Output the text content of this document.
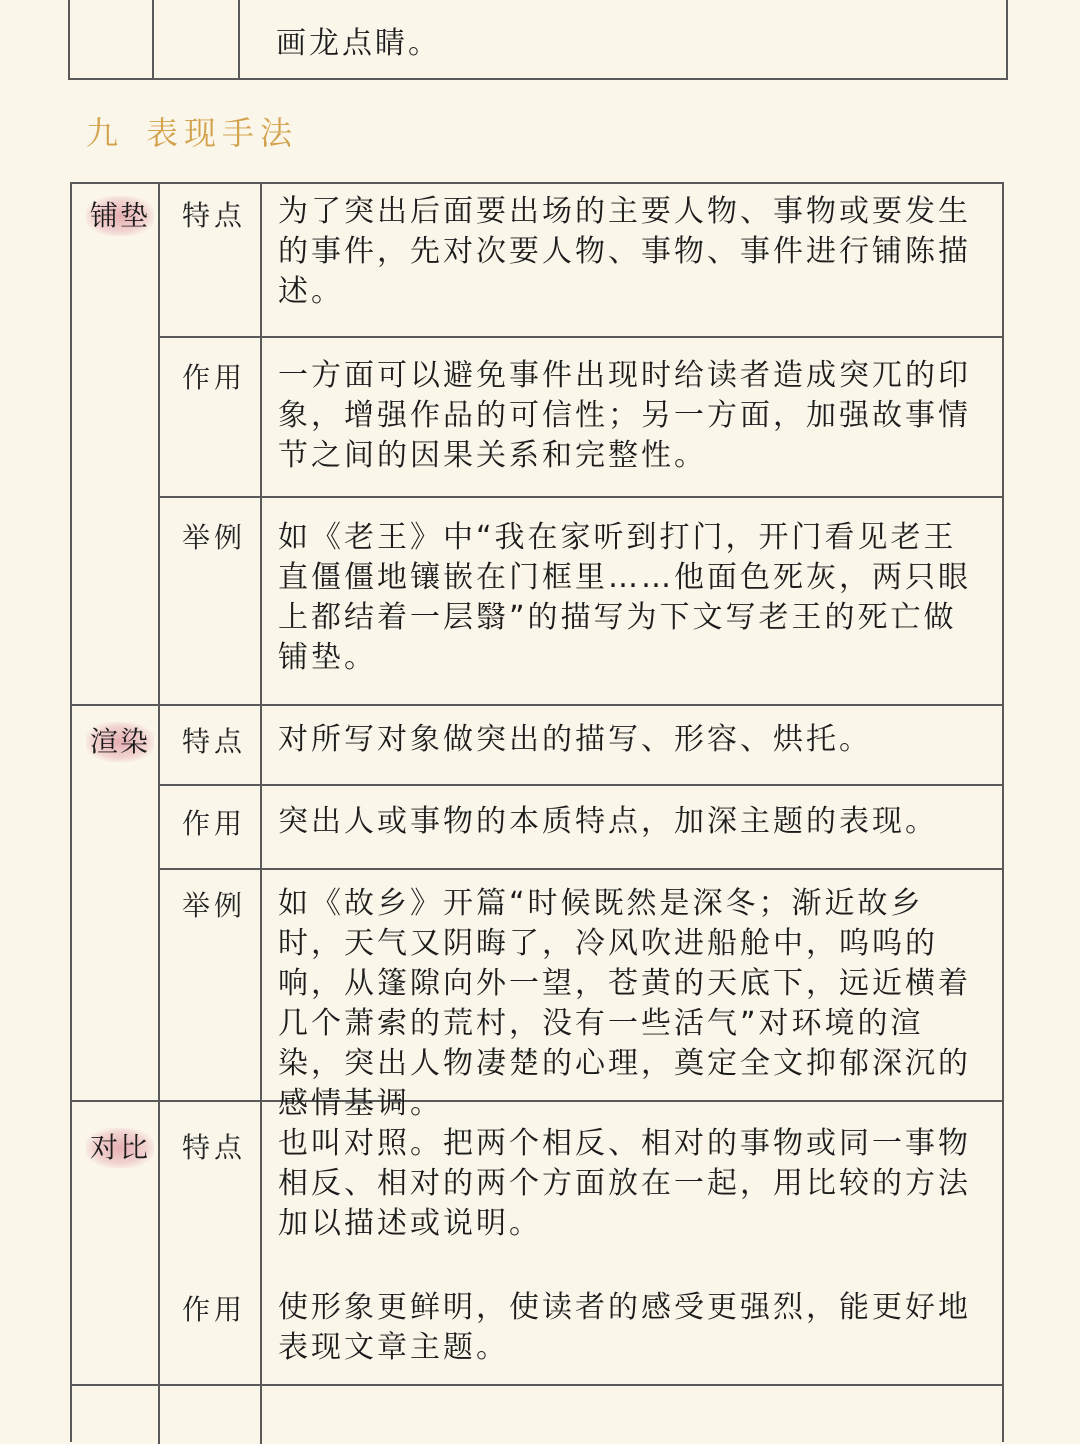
画龙点睛。
九 表现手法
铺垫 特点 为了突出后面要出场的主要人物、事物或要发生的事件，先对次要人物、事物、事件进行铺陈描述。
作用 一方面可以避免事件出现时给读者造成突兀的印象，增强作品的可信性；另一方面，加强故事情节之间的因果关系和完整性。
举例 如《老王》中“我在家听到打门，开门看见老王直僵僵地镶嵌在门框里……他面色死灰，两只眼上都结着一层翳”的描写为下文写老王的死亡做铺垫。
渲染 特点 对所写对象做突出的描写、形容、烘托。
作用 突出人或事物的本质特点，加深主题的表现。
举例 如《故乡》开篇“时候既然是深冬；渐近故乡时，天气又阴晦了，冷风吹进船舱中，呜呜的响，从篷隙向外一望，苍黄的天底下，远近横着几个萧索的荒村，没有一些活气”对环境的渲染，突出人物凄楚的心理，奠定全文抑郁深沉的感情基调。
对比 特点 也叫对照。把两个相反、相对的事物或同一事物相反、相对的两个方面放在一起，用比较的方法加以描述或说明。
作用 使形象更鲜明，使读者的感受更强烈，能更好地表现文章主题。
